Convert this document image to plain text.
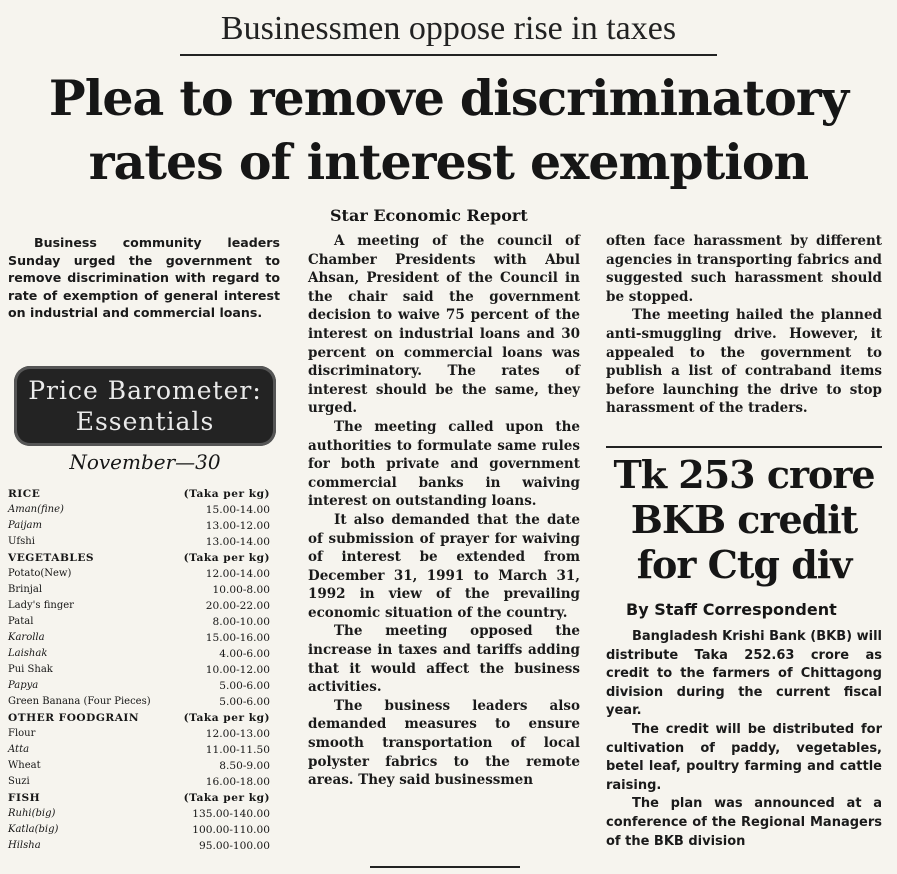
Businessmen oppose rise in taxes
Plea to remove discriminatory
rates of interest exemption

Business community leaders Sunday urged the government to remove discrimination with regard to rate of exemption of general interest on industrial and commercial loans.

Price Barometer:
Essentials
November—30
RICE	(Taka per kg)
Aman(fine)	15.00-14.00
Paijam	13.00-12.00
Ufshi	13.00-14.00
VEGETABLES	(Taka per kg)
Potato(New)	12.00-14.00
Brinjal	10.00-8.00
Lady's finger	20.00-22.00
Patal	8.00-10.00
Karolla	15.00-16.00
Laishak	4.00-6.00
Pui Shak	10.00-12.00
Papya	5.00-6.00
Green Banana (Four Pieces)	5.00-6.00
OTHER FOODGRAIN	(Taka per kg)
Flour	12.00-13.00
Atta	11.00-11.50
Wheat	8.50-9.00
Suzi	16.00-18.00
FISH	(Taka per kg)
Ruhi(big)	135.00-140.00
Katla(big)	100.00-110.00
Hilsha	95.00-100.00
Star Economic Report

A meeting of the council of Chamber Presidents with Abul Ahsan, President of the Council in the chair said the government decision to waive 75 percent of the interest on industrial loans and 30 percent on commercial loans was discriminatory. The rates of interest should be the same, they urged.

The meeting called upon the authorities to formulate same rules for both private and government commercial banks in waiving interest on outstanding loans.

It also demanded that the date of submission of prayer for waiving of interest be extended from December 31, 1991 to March 31, 1992 in view of the prevailing economic situation of the country.

The meeting opposed the increase in taxes and tariffs adding that it would affect the business activities.

The business leaders also demanded measures to ensure smooth transportation of local polyster fabrics to the remote areas. They said businessmen

often face harassment by different agencies in transporting fabrics and suggested such harassment should be stopped.

The meeting hailed the planned anti-smuggling drive. However, it appealed to the government to publish a list of contraband items before launching the drive to stop harassment of the traders.

Tk 253 crore
BKB credit
for Ctg div
By Staff Correspondent

Bangladesh Krishi Bank (BKB) will distribute Taka 252.63 crore as credit to the farmers of Chittagong division during the current fiscal year.

The credit will be distributed for cultivation of paddy, vegetables, betel leaf, poultry farming and cattle raising.

The plan was announced at a conference of the Regional Managers of the BKB division
